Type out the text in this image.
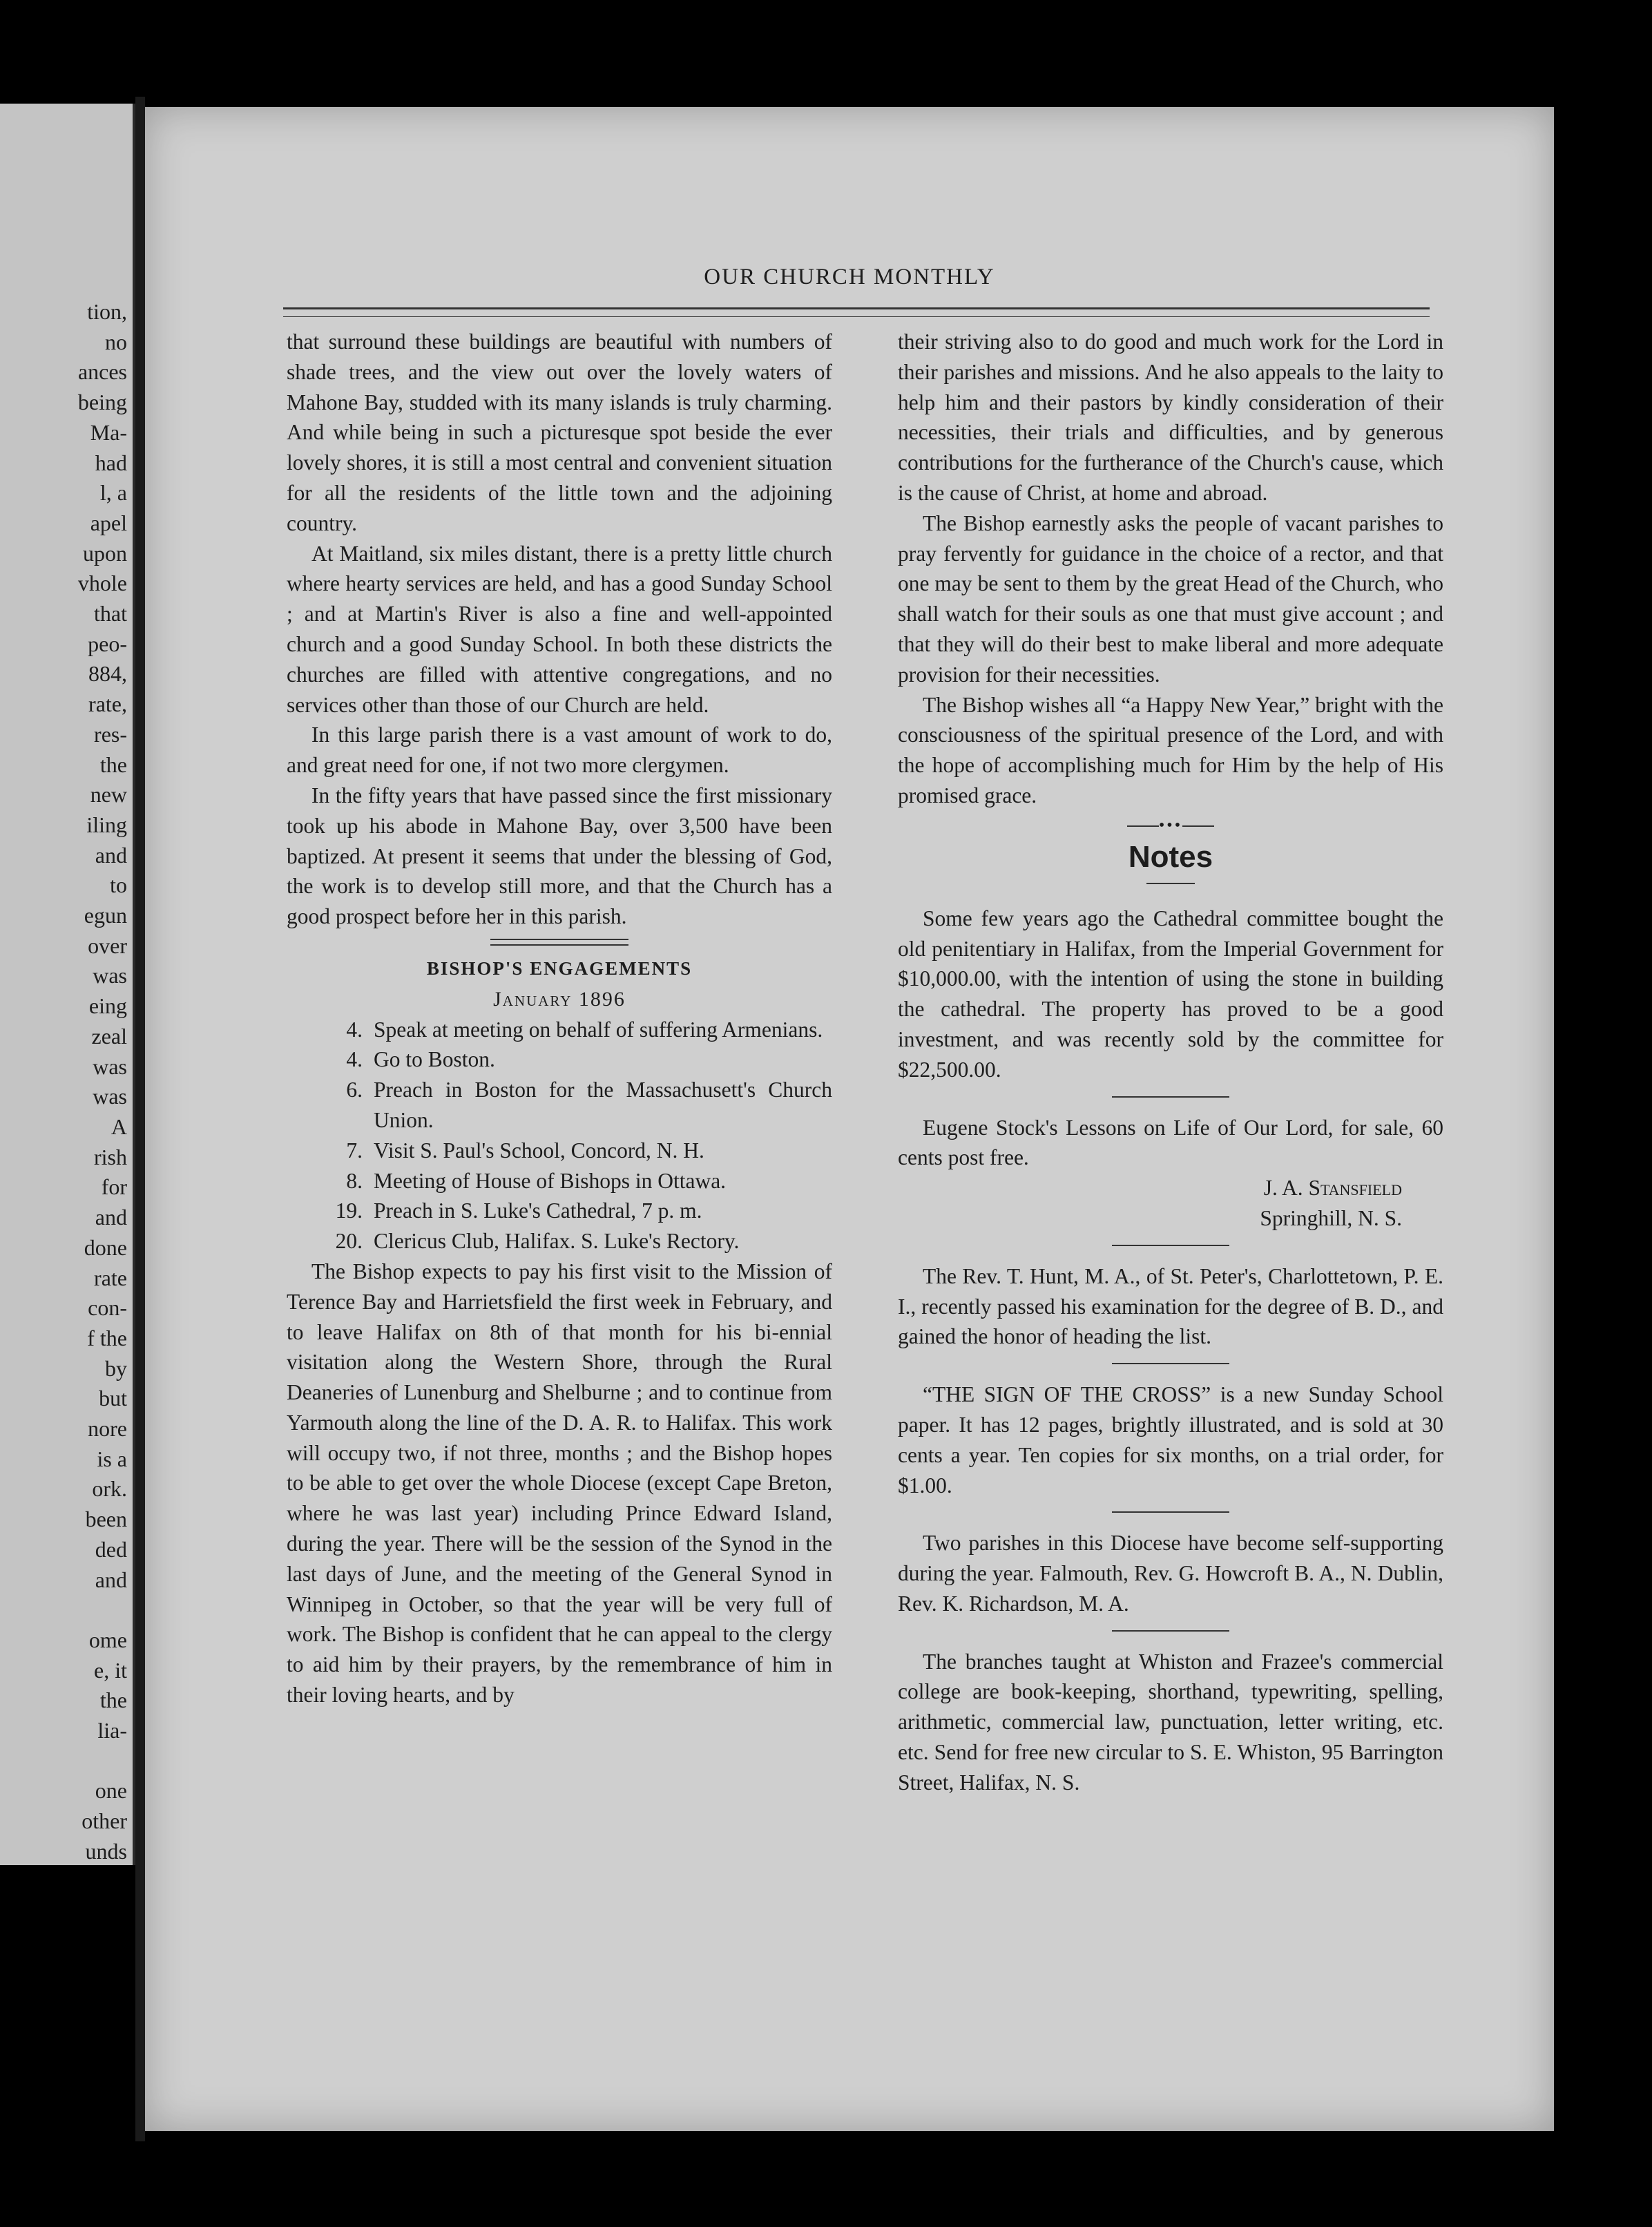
tion,
no
ances
being
Ma-
had
l, a
apel
upon
vhole
that
peo-
884,
rate,
res-
the
new
iling
and
to
egun
over
was
eing
zeal
was
was
A
rish
for
and
done
rate
con-
f the
by
but
nore
is a
ork.
been
ded
and

ome
e, it
the
lia-

one
other
unds
OUR CHURCH MONTHLY

that surround these buildings are beautiful with numbers of shade trees, and the view out over the lovely waters of Mahone Bay, studded with its many islands is truly charming. And while being in such a picturesque spot beside the ever lovely shores, it is still a most central and convenient situation for all the residents of the little town and the adjoining country.

At Maitland, six miles distant, there is a pretty little church where hearty services are held, and has a good Sunday School ; and at Martin's River is also a fine and well-appointed church and a good Sunday School. In both these districts the churches are filled with attentive congregations, and no services other than those of our Church are held.

In this large parish there is a vast amount of work to do, and great need for one, if not two more clergymen.

In the fifty years that have passed since the first missionary took up his abode in Mahone Bay, over 3,500 have been baptized. At present it seems that under the blessing of God, the work is to develop still more, and that the Church has a good prospect before her in this parish.

BISHOP'S ENGAGEMENTS
January 1896
4. Speak at meeting on behalf of suffering Armenians.
4. Go to Boston.
6. Preach in Boston for the Massachusett's Church Union.
7. Visit S. Paul's School, Concord, N. H.
8. Meeting of House of Bishops in Ottawa.
19. Preach in S. Luke's Cathedral, 7 p. m.
20. Clericus Club, Halifax. S. Luke's Rectory.

The Bishop expects to pay his first visit to the Mission of Terence Bay and Harrietsfield the first week in February, and to leave Halifax on 8th of that month for his bi-ennial visitation along the Western Shore, through the Rural Deaneries of Lunenburg and Shelburne ; and to continue from Yarmouth along the line of the D. A. R. to Halifax. This work will occupy two, if not three, months ; and the Bishop hopes to be able to get over the whole Diocese (except Cape Breton, where he was last year) including Prince Edward Island, during the year. There will be the session of the Synod in the last days of June, and the meeting of the General Synod in Winnipeg in October, so that the year will be very full of work. The Bishop is confident that he can appeal to the clergy to aid him by their prayers, by the remembrance of him in their loving hearts, and by

their striving also to do good and much work for the Lord in their parishes and missions. And he also appeals to the laity to help him and their pastors by kindly consideration of their necessities, their trials and difficulties, and by generous contributions for the furtherance of the Church's cause, which is the cause of Christ, at home and abroad.

The Bishop earnestly asks the people of vacant parishes to pray fervently for guidance in the choice of a rector, and that one may be sent to them by the great Head of the Church, who shall watch for their souls as one that must give account ; and that they will do their best to make liberal and more adequate provision for their necessities.

The Bishop wishes all “a Happy New Year,” bright with the consciousness of the spiritual presence of the Lord, and with the hope of accomplishing much for Him by the help of His promised grace.

•••
Notes

Some few years ago the Cathedral committee bought the old penitentiary in Halifax, from the Imperial Government for $10,000.00, with the intention of using the stone in building the cathedral. The property has proved to be a good investment, and was recently sold by the committee for $22,500.00.

Eugene Stock's Lessons on Life of Our Lord, for sale, 60 cents post free.

J. A. Stansfield

Springhill, N. S.

The Rev. T. Hunt, M. A., of St. Peter's, Charlottetown, P. E. I., recently passed his examination for the degree of B. D., and gained the honor of heading the list.

“THE SIGN OF THE CROSS” is a new Sunday School paper. It has 12 pages, brightly illustrated, and is sold at 30 cents a year. Ten copies for six months, on a trial order, for $1.00.

Two parishes in this Diocese have become self-supporting during the year. Falmouth, Rev. G. Howcroft B. A., N. Dublin, Rev. K. Richardson, M. A.

The branches taught at Whiston and Frazee's commercial college are book-keeping, shorthand, typewriting, spelling, arithmetic, commercial law, punctuation, letter writing, etc. etc. Send for free new circular to S. E. Whiston, 95 Barrington Street, Halifax, N. S.
